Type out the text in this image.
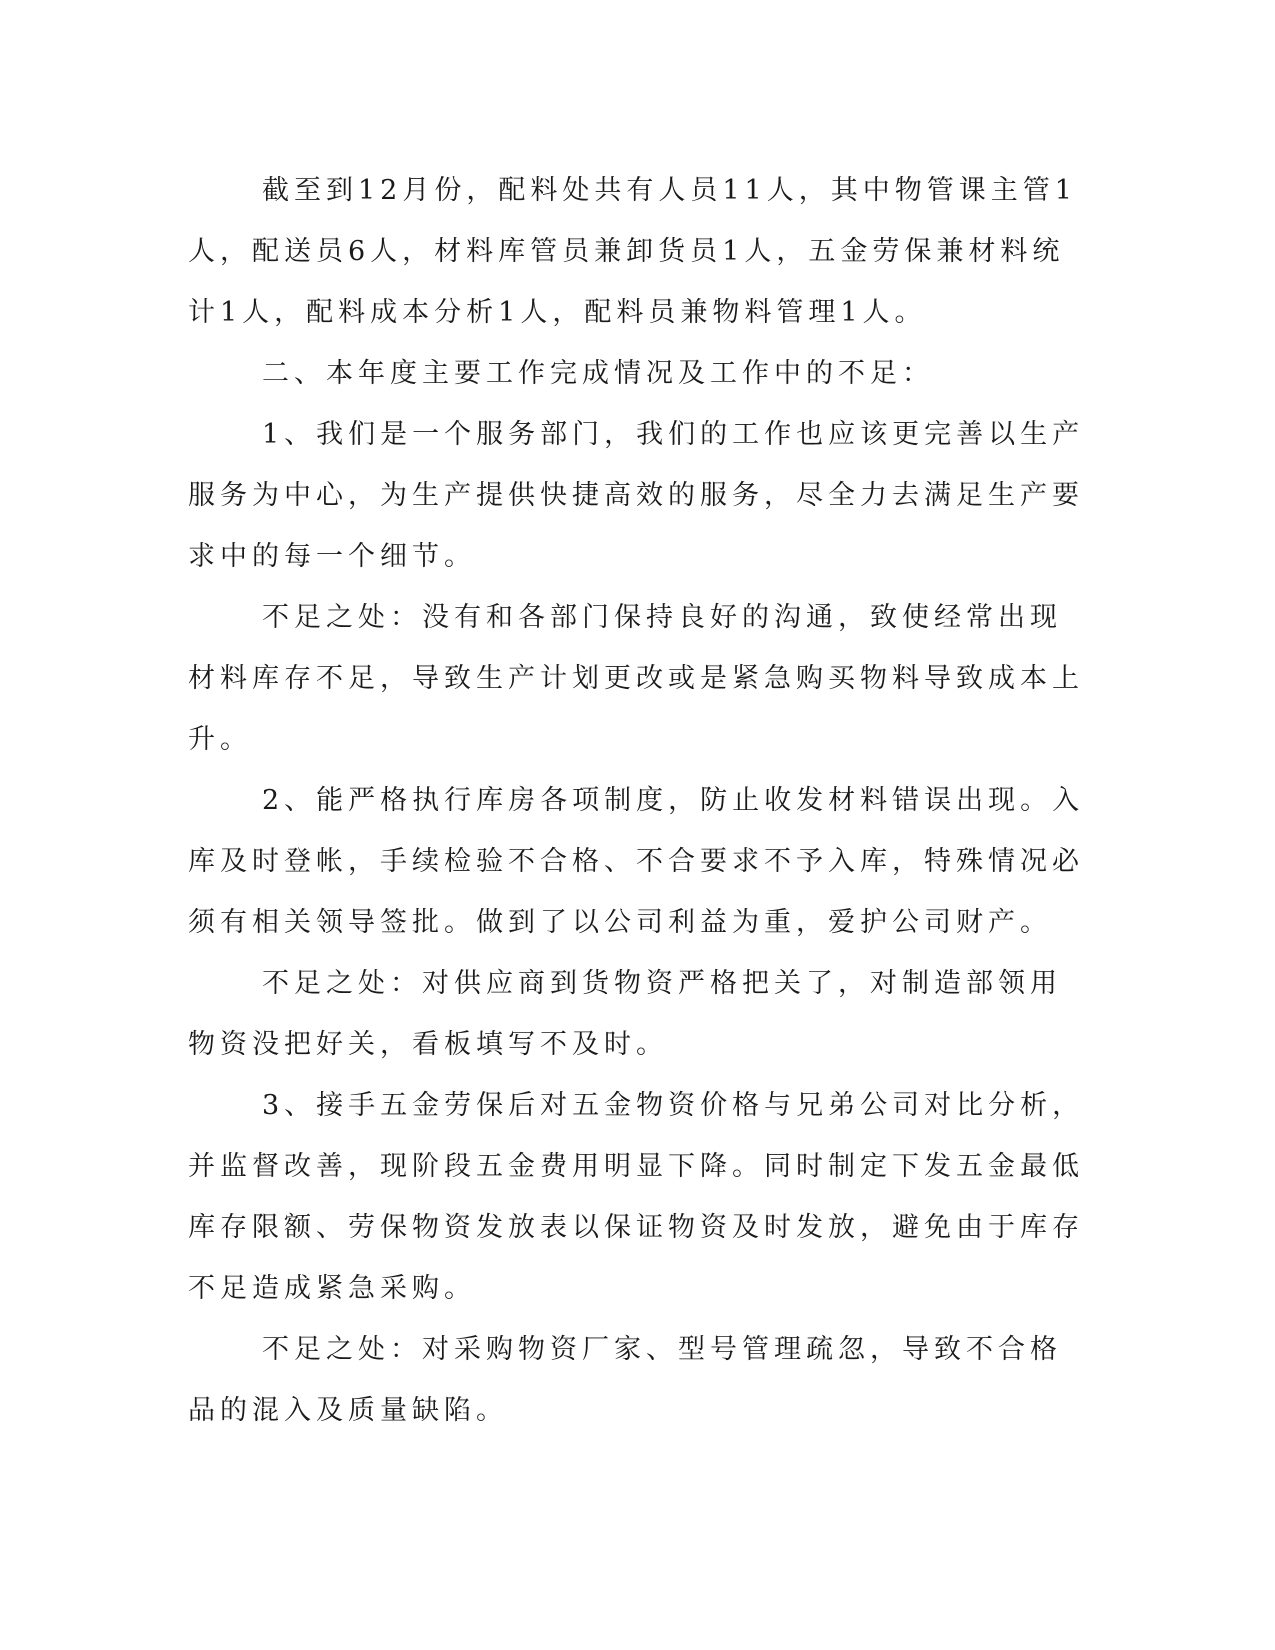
截至到12月份，配料处共有人员11人，其中物管课主管1人，配送员6人，材料库管员兼卸货员1人，五金劳保兼材料统计1人，配料成本分析1人，配料员兼物料管理1人。

二、本年度主要工作完成情况及工作中的不足：

1、我们是一个服务部门，我们的工作也应该更完善以生产服务为中心，为生产提供快捷高效的服务，尽全力去满足生产要求中的每一个细节。

不足之处：没有和各部门保持良好的沟通，致使经常出现材料库存不足，导致生产计划更改或是紧急购买物料导致成本上升。

2、能严格执行库房各项制度，防止收发材料错误出现。入库及时登帐，手续检验不合格、不合要求不予入库，特殊情况必须有相关领导签批。做到了以公司利益为重，爱护公司财产。

不足之处：对供应商到货物资严格把关了，对制造部领用物资没把好关，看板填写不及时。

3、接手五金劳保后对五金物资价格与兄弟公司对比分析，并监督改善，现阶段五金费用明显下降。同时制定下发五金最低库存限额、劳保物资发放表以保证物资及时发放，避免由于库存不足造成紧急采购。

不足之处：对采购物资厂家、型号管理疏忽，导致不合格品的混入及质量缺陷。
